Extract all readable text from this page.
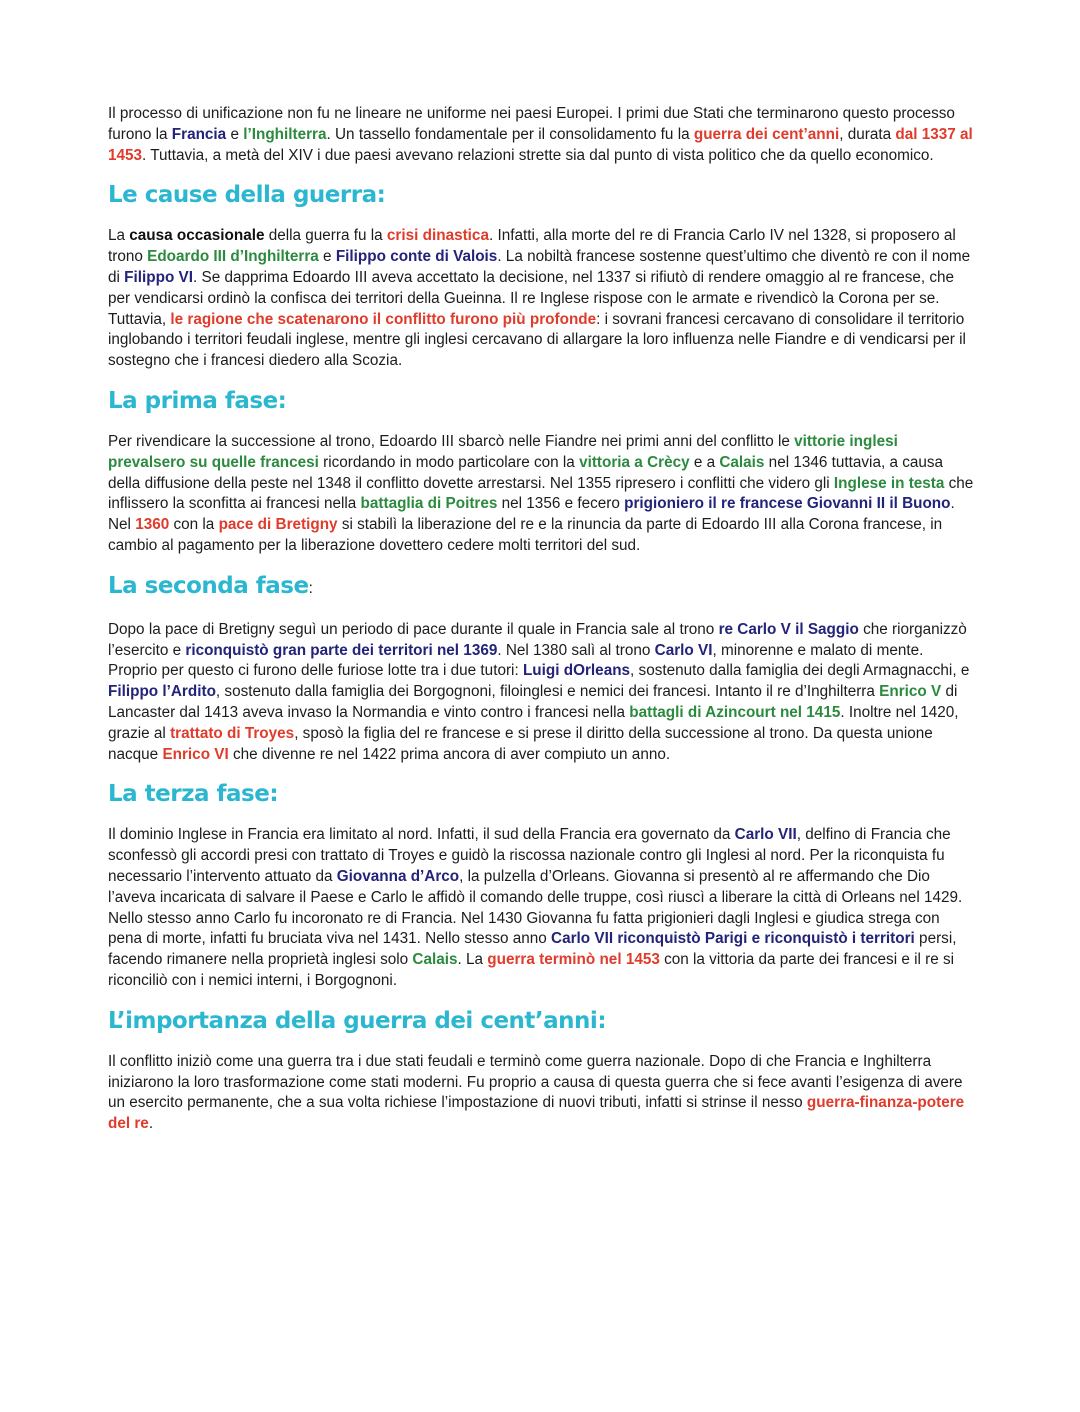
Il processo di unificazione non fu ne lineare ne uniforme nei paesi Europei. I primi due Stati che terminarono questo processo furono la Francia e l’Inghilterra. Un tassello fondamentale per il consolidamento fu la guerra dei cent’anni, durata dal 1337 al 1453. Tuttavia, a metà del XIV i due paesi avevano relazioni strette sia dal punto di vista politico che da quello economico.

Le cause della guerra:

La causa occasionale della guerra fu la crisi dinastica. Infatti, alla morte del re di Francia Carlo IV nel 1328, si proposero al trono Edoardo III d’Inghilterra e Filippo conte di Valois. La nobiltà francese sostenne quest’ultimo che diventò re con il nome di Filippo VI. Se dapprima Edoardo III aveva accettato la decisione, nel 1337 si rifiutò di rendere omaggio al re francese, che per vendicarsi ordinò la confisca dei territori della Gueinna. Il re Inglese rispose con le armate e rivendicò la Corona per se. Tuttavia, le ragione che scatenarono il conflitto furono più profonde: i sovrani francesi cercavano di consolidare il territorio inglobando i territori feudali inglese, mentre gli inglesi cercavano di allargare la loro influenza nelle Fiandre e di vendicarsi per il sostegno che i francesi diedero alla Scozia.

La prima fase:

Per rivendicare la successione al trono, Edoardo III sbarcò nelle Fiandre nei primi anni del conflitto le vittorie inglesi prevalsero su quelle francesi ricordando in modo particolare con la vittoria a Crècy e a Calais nel 1346 tuttavia, a causa della diffusione della peste nel 1348 il conflitto dovette arrestarsi. Nel 1355 ripresero i conflitti che videro gli Inglese in testa che inflissero la sconfitta ai francesi nella battaglia di Poitres nel 1356 e fecero prigioniero il re francese Giovanni II il Buono. Nel 1360 con la pace di Bretigny si stabilì la liberazione del re e la rinuncia da parte di Edoardo III alla Corona francese, in cambio al pagamento per la liberazione dovettero cedere molti territori del sud.

La seconda fase:

Dopo la pace di Bretigny seguì un periodo di pace durante il quale in Francia sale al trono re Carlo V il Saggio che riorganizzò l’esercito e riconquistò gran parte dei territori nel 1369. Nel 1380 salì al trono Carlo VI, minorenne e malato di mente. Proprio per questo ci furono delle furiose lotte tra i due tutori: Luigi dOrleans, sostenuto dalla famiglia dei degli Armagnacchi, e Filippo l’Ardito, sostenuto dalla famiglia dei Borgognoni, filoinglesi e nemici dei francesi. Intanto il re d’Inghilterra Enrico V di Lancaster dal 1413 aveva invaso la Normandia e vinto contro i francesi nella battagli di Azincourt nel 1415. Inoltre nel 1420, grazie al trattato di Troyes, sposò la figlia del re francese e si prese il diritto della successione al trono. Da questa unione nacque Enrico VI che divenne re nel 1422 prima ancora di aver compiuto un anno.

La terza fase:

Il dominio Inglese in Francia era limitato al nord. Infatti, il sud della Francia era governato da Carlo VII, delfino di Francia che sconfessò gli accordi presi con trattato di Troyes e guidò la riscossa nazionale contro gli Inglesi al nord. Per la riconquista fu necessario l’intervento attuato da Giovanna d’Arco, la pulzella d’Orleans. Giovanna si presentò al re affermando che Dio l’aveva incaricata di salvare il Paese e Carlo le affidò il comando delle truppe, così riuscì a liberare la città di Orleans nel 1429. Nello stesso anno Carlo fu incoronato re di Francia. Nel 1430 Giovanna fu fatta prigionieri dagli Inglesi e giudica strega con pena di morte, infatti fu bruciata viva nel 1431. Nello stesso anno Carlo VII riconquistò Parigi e riconquistò i territori persi, facendo rimanere nella proprietà inglesi solo Calais. La guerra terminò nel 1453 con la vittoria da parte dei francesi e il re si riconciliò con i nemici interni, i Borgognoni.

L’importanza della guerra dei cent’anni:

Il conflitto iniziò come una guerra tra i due stati feudali e terminò come guerra nazionale. Dopo di che Francia e Inghilterra iniziarono la loro trasformazione come stati moderni. Fu proprio a causa di questa guerra che si fece avanti l’esigenza di avere un esercito permanente, che a sua volta richiese l’impostazione di nuovi tributi, infatti si strinse il nesso guerra-finanza-potere del re.
